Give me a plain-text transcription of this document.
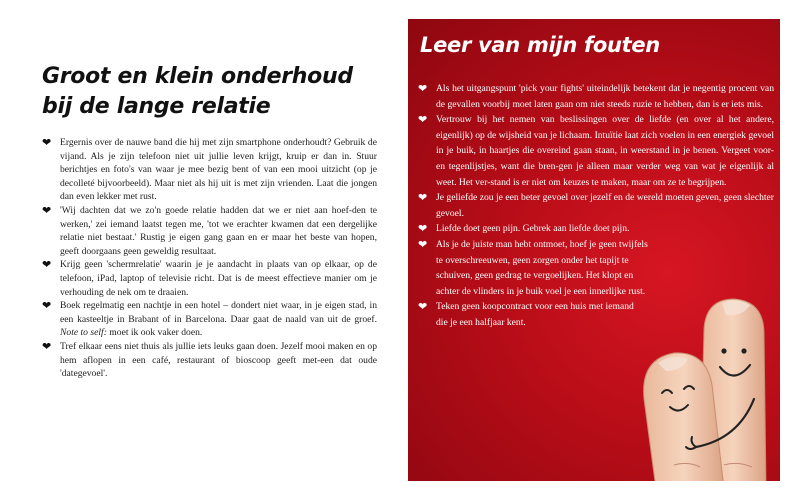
Groot en klein onderhoud
bij de lange relatie
❤ Ergernis over de nauwe band die hij met zijn smartphone onderhoudt? Gebruik de vijand. Als je zijn telefoon niet uit jullie leven krijgt, kruip er dan in. Stuur berichtjes en foto's van waar je mee bezig bent of van een mooi uitzicht (op je decolleté bijvoorbeeld). Maar niet als hij uit is met zijn vrienden. Laat die jongen dan even lekker met rust.
❤ 'Wij dachten dat we zo'n goede relatie hadden dat we er niet aan hoef-den te werken,' zei iemand laatst tegen me, 'tot we erachter kwamen dat een dergelijke relatie niet bestaat.' Rustig je eigen gang gaan en er maar het beste van hopen, geeft doorgaans geen geweldig resultaat.
❤ Krijg geen 'schermrelatie' waarin je je aandacht in plaats van op elkaar, op de telefoon, iPad, laptop of televisie richt. Dat is de meest effectieve manier om je verhouding de nek om te draaien.
❤ Boek regelmatig een nachtje in een hotel – dondert niet waar, in je eigen stad, in een kasteeltje in Brabant of in Barcelona. Daar gaat de naald van uit de groef. Note to self: moet ik ook vaker doen.
❤ Tref elkaar eens niet thuis als jullie iets leuks gaan doen. Jezelf mooi maken en op hem aflopen in een café, restaurant of bioscoop geeft met-een dat oude 'dategevoel'.
Leer van mijn fouten
❤ Als het uitgangspunt 'pick your fights' uiteindelijk betekent dat je negentig procent van de gevallen voorbij moet laten gaan om niet steeds ruzie te hebben, dan is er iets mis.
❤ Vertrouw bij het nemen van beslissingen over de liefde (en over al het andere, eigenlijk) op de wijsheid van je lichaam. Intuïtie laat zich voelen in een energiek gevoel in je buik, in haartjes die overeind gaan staan, in weerstand in je benen. Vergeet voor- en tegenlijstjes, want die bren-gen je alleen maar verder weg van wat je eigenlijk al weet. Het ver-stand is er niet om keuzes te maken, maar om ze te begrijpen.
❤ Je geliefde zou je een beter gevoel over jezelf en de wereld moeten geven, geen slechter gevoel.
❤ Liefde doet geen pijn. Gebrek aan liefde doet pijn.
❤ Als je de juiste man hebt ontmoet, hoef je geen twijfels te overschreeuwen, geen zorgen onder het tapijt te schuiven, geen gedrag te vergoelijken. Het klopt en achter de vlinders in je buik voel je een innerlijke rust.
❤ Teken geen koopcontract voor een huis met iemand die je een halfjaar kent.
